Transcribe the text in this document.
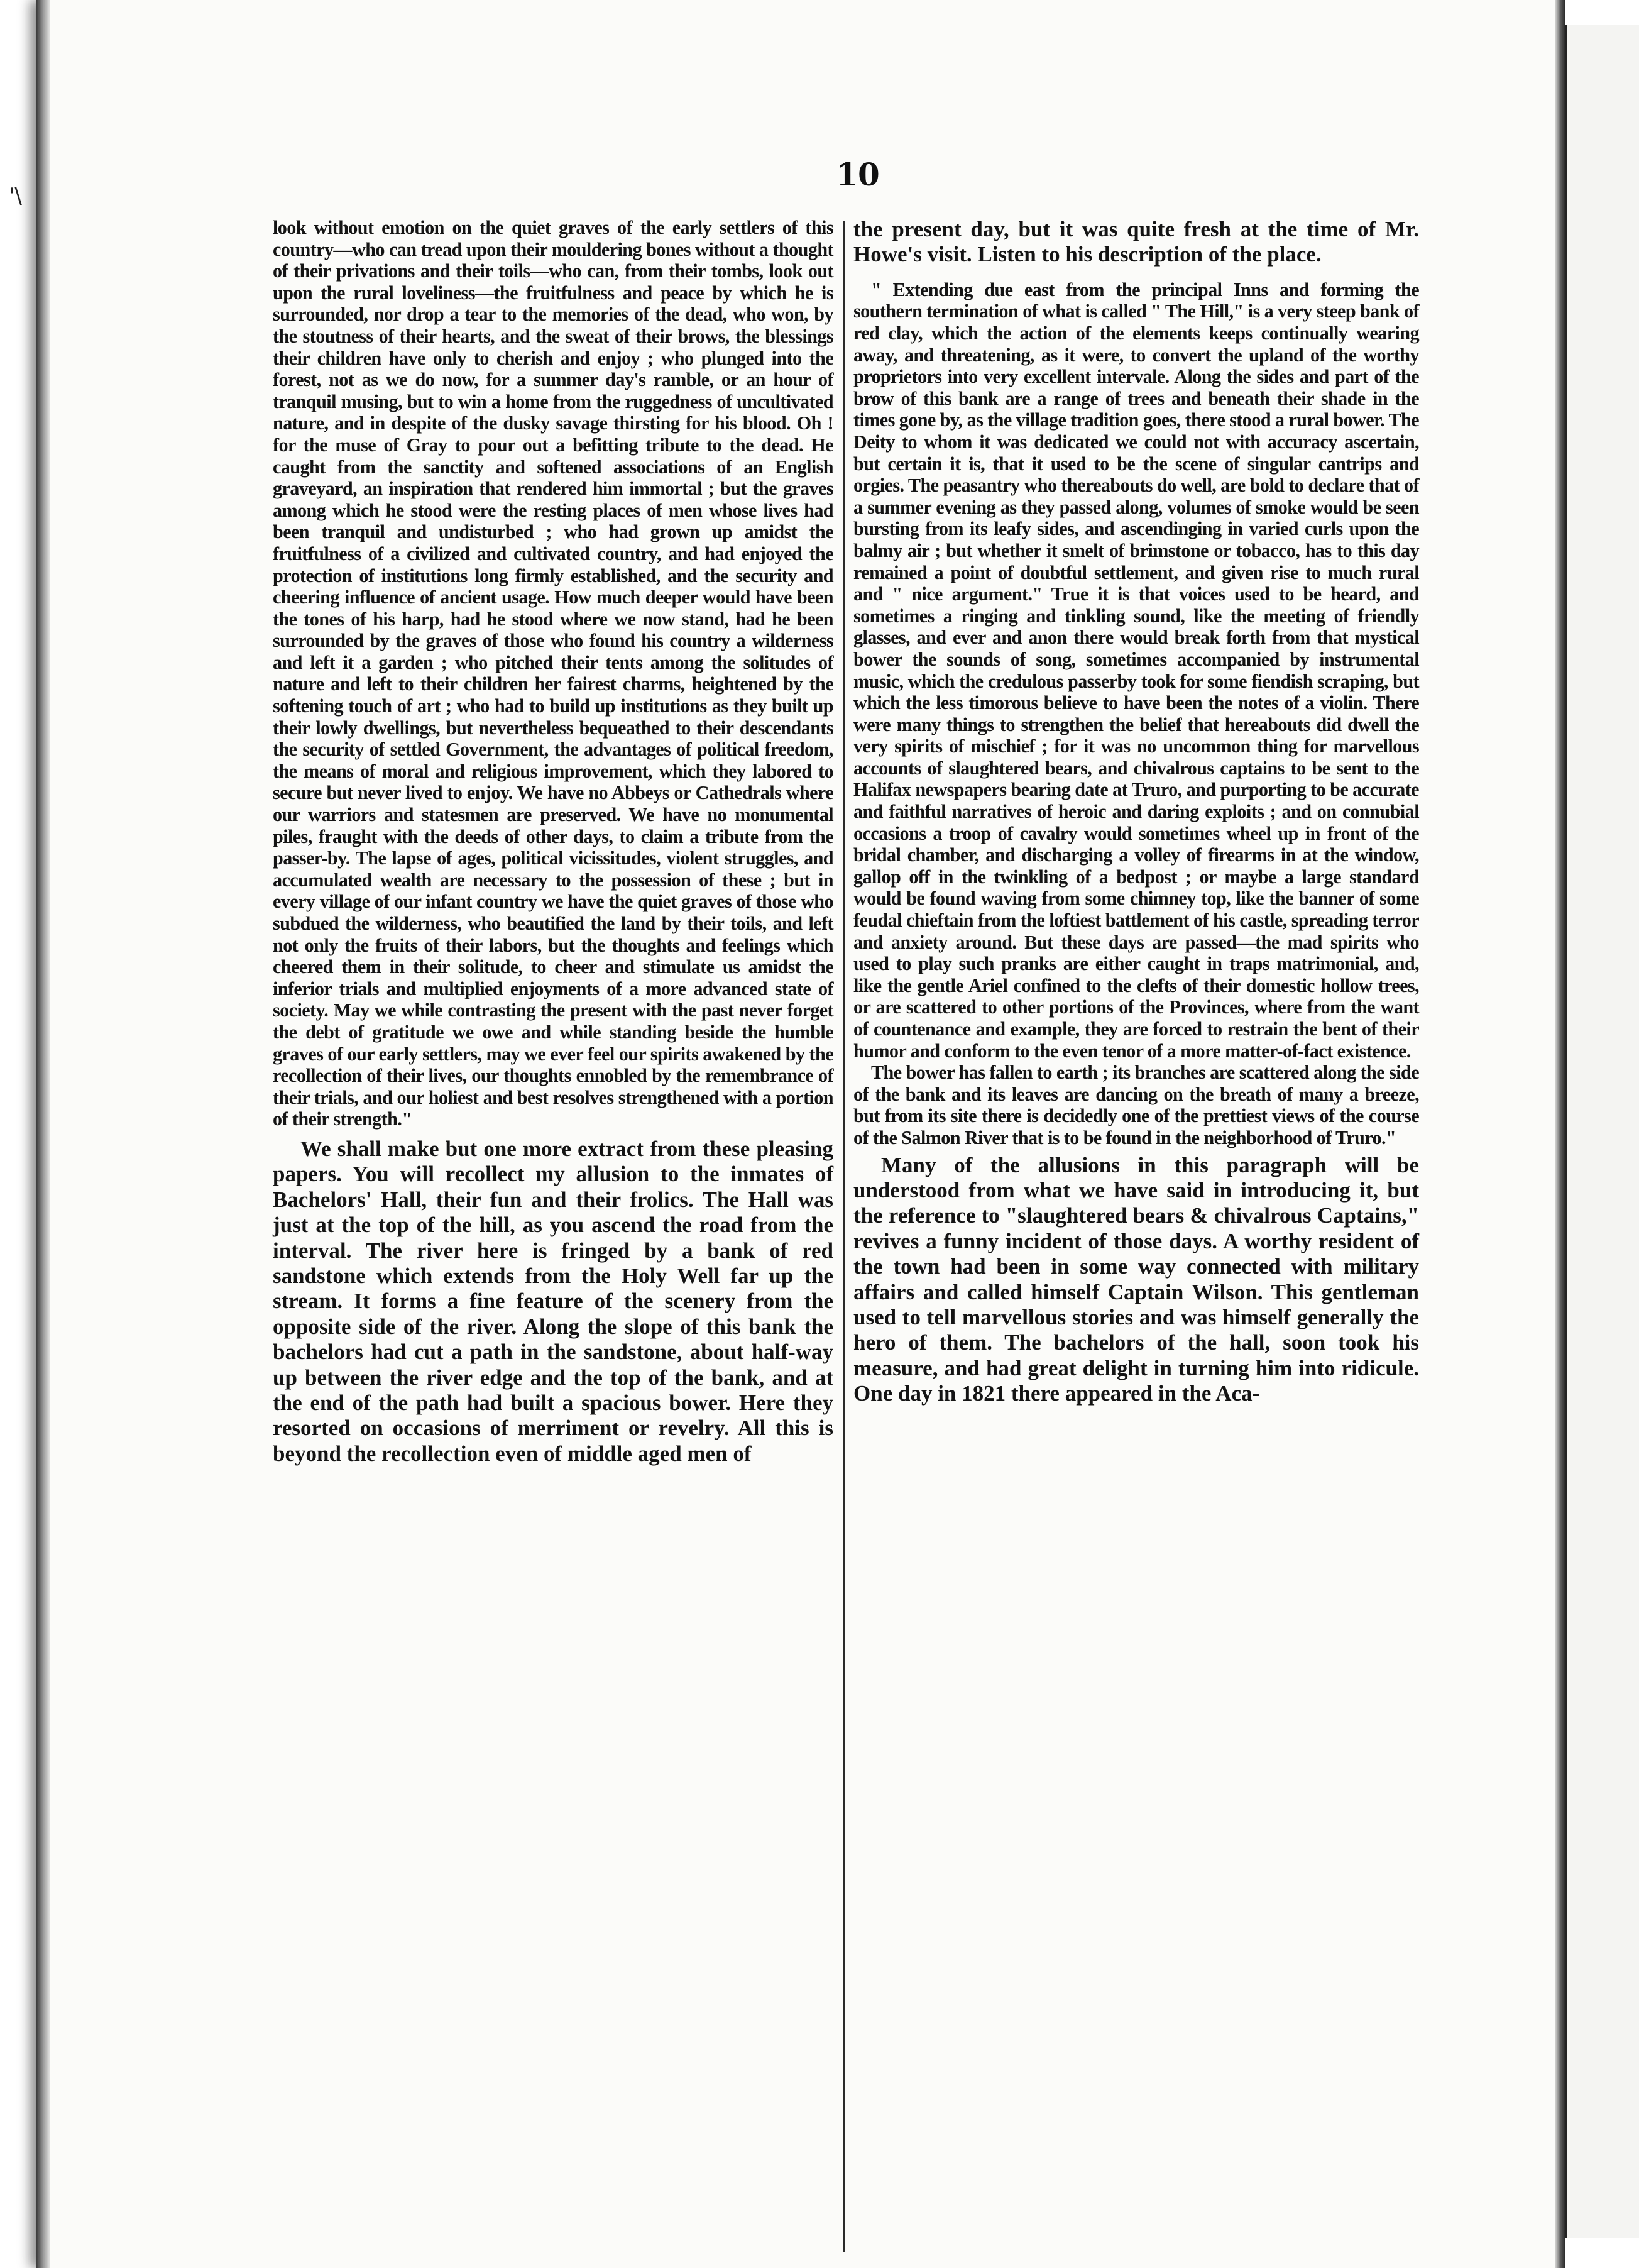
'\
10

look without emotion on the quiet graves of the early settlers of this country—who can tread upon their mouldering bones without a thought of their privations and their toils—who can, from their tombs, look out upon the rural loveliness—the fruitfulness and peace by which he is surrounded, nor drop a tear to the memories of the dead, who won, by the stoutness of their hearts, and the sweat of their brows, the blessings their children have only to cherish and enjoy ; who plunged into the forest, not as we do now, for a summer day's ramble, or an hour of tranquil musing, but to win a home from the ruggedness of uncultivated nature, and in despite of the dusky savage thirsting for his blood. Oh ! for the muse of Gray to pour out a befitting tribute to the dead. He caught from the sanctity and softened associations of an English graveyard, an inspiration that rendered him immortal ; but the graves among which he stood were the resting places of men whose lives had been tranquil and undisturbed ; who had grown up amidst the fruitfulness of a civilized and cultivated country, and had enjoyed the protection of institutions long firmly established, and the security and cheering influence of ancient usage. How much deeper would have been the tones of his harp, had he stood where we now stand, had he been surrounded by the graves of those who found his country a wilderness and left it a garden ; who pitched their tents among the solitudes of nature and left to their children her fairest charms, heightened by the softening touch of art ; who had to build up institutions as they built up their lowly dwellings, but nevertheless bequeathed to their descendants the security of settled Government, the advantages of political freedom, the means of moral and religious improvement, which they labored to secure but never lived to enjoy. We have no Abbeys or Cathedrals where our warriors and statesmen are preserved. We have no monumental piles, fraught with the deeds of other days, to claim a tribute from the passer-by. The lapse of ages, political vicissitudes, violent struggles, and accumulated wealth are necessary to the possession of these ; but in every village of our infant country we have the quiet graves of those who subdued the wilderness, who beautified the land by their toils, and left not only the fruits of their labors, but the thoughts and feelings which cheered them in their solitude, to cheer and stimulate us amidst the inferior trials and multiplied enjoyments of a more advanced state of society. May we while contrasting the present with the past never forget the debt of gratitude we owe and while standing beside the humble graves of our early settlers, may we ever feel our spirits awakened by the recollection of their lives, our thoughts ennobled by the remembrance of their trials, and our holiest and best resolves strengthened with a portion of their strength."

We shall make but one more extract from these pleasing papers. You will recollect my allusion to the inmates of Bachelors' Hall, their fun and their frolics. The Hall was just at the top of the hill, as you ascend the road from the interval. The river here is fringed by a bank of red sandstone which extends from the Holy Well far up the stream. It forms a fine feature of the scenery from the opposite side of the river. Along the slope of this bank the bachelors had cut a path in the sandstone, about half-way up between the river edge and the top of the bank, and at the end of the path had built a spacious bower. Here they resorted on occasions of merriment or revelry. All this is beyond the recollection even of middle aged men of

the present day, but it was quite fresh at the time of Mr. Howe's visit. Listen to his description of the place.

" Extending due east from the principal Inns and forming the southern termination of what is called " The Hill," is a very steep bank of red clay, which the action of the elements keeps continually wearing away, and threatening, as it were, to convert the upland of the worthy proprietors into very excellent intervale. Along the sides and part of the brow of this bank are a range of trees and beneath their shade in the times gone by, as the village tradition goes, there stood a rural bower. The Deity to whom it was dedicated we could not with accuracy ascertain, but certain it is, that it used to be the scene of singular cantrips and orgies. The peasantry who thereabouts do well, are bold to declare that of a summer evening as they passed along, volumes of smoke would be seen bursting from its leafy sides, and ascendinging in varied curls upon the balmy air ; but whether it smelt of brimstone or tobacco, has to this day remained a point of doubtful settlement, and given rise to much rural and " nice argument." True it is that voices used to be heard, and sometimes a ringing and tinkling sound, like the meeting of friendly glasses, and ever and anon there would break forth from that mystical bower the sounds of song, sometimes accompanied by instrumental music, which the credulous passerby took for some fiendish scraping, but which the less timorous believe to have been the notes of a violin. There were many things to strengthen the belief that hereabouts did dwell the very spirits of mischief ; for it was no uncommon thing for marvellous accounts of slaughtered bears, and chivalrous captains to be sent to the Halifax newspapers bearing date at Truro, and purporting to be accurate and faithful narratives of heroic and daring exploits ; and on connubial occasions a troop of cavalry would sometimes wheel up in front of the bridal chamber, and discharging a volley of firearms in at the window, gallop off in the twinkling of a bedpost ; or maybe a large standard would be found waving from some chimney top, like the banner of some feudal chieftain from the loftiest battlement of his castle, spreading terror and anxiety around. But these days are passed—the mad spirits who used to play such pranks are either caught in traps matrimonial, and, like the gentle Ariel confined to the clefts of their domestic hollow trees, or are scattered to other portions of the Provinces, where from the want of countenance and example, they are forced to restrain the bent of their humor and conform to the even tenor of a more matter-of-fact existence.

The bower has fallen to earth ; its branches are scattered along the side of the bank and its leaves are dancing on the breath of many a breeze, but from its site there is decidedly one of the prettiest views of the course of the Salmon River that is to be found in the neighborhood of Truro."

Many of the allusions in this paragraph will be understood from what we have said in introducing it, but the reference to "slaughtered bears & chivalrous Captains," revives a funny incident of those days. A worthy resident of the town had been in some way connected with military affairs and called himself Captain Wilson. This gentleman used to tell marvellous stories and was himself generally the hero of them. The bachelors of the hall, soon took his measure, and had great delight in turning him into ridicule. One day in 1821 there appeared in the Aca-
